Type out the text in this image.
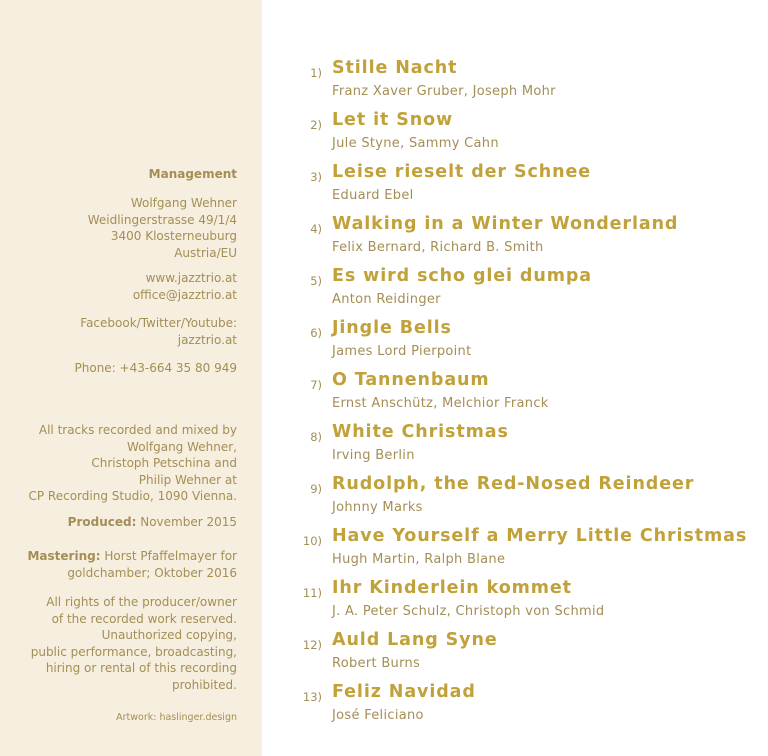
Management
Wolfgang Wehner
Weidlingerstrasse 49/1/4
3400 Klosterneuburg
Austria/EU
www.jazztrio.at
office@jazztrio.at
Facebook/Twitter/Youtube:
jazztrio.at
Phone: +43-664 35 80 949
All tracks recorded and mixed by
Wolfgang Wehner,
Christoph Petschina and
Philip Wehner at
CP Recording Studio, 1090 Vienna.
Produced: November 2015
Mastering: Horst Pfaffelmayer for
goldchamber; Oktober 2016
All rights of the producer/owner
of the recorded work reserved.
Unauthorized copying,
public performance, broadcasting,
hiring or rental of this recording
prohibited.
Artwork: haslinger.design
1) Stille Nacht
Franz Xaver Gruber, Joseph Mohr
2) Let it Snow
Jule Styne, Sammy Cahn
3) Leise rieselt der Schnee
Eduard Ebel
4) Walking in a Winter Wonderland
Felix Bernard, Richard B. Smith
5) Es wird scho glei dumpa
Anton Reidinger
6) Jingle Bells
James Lord Pierpoint
7) O Tannenbaum
Ernst Anschütz, Melchior Franck
8) White Christmas
Irving Berlin
9) Rudolph, the Red-Nosed Reindeer
Johnny Marks
10) Have Yourself a Merry Little Christmas
Hugh Martin, Ralph Blane
11) Ihr Kinderlein kommet
J. A. Peter Schulz, Christoph von Schmid
12) Auld Lang Syne
Robert Burns
13) Feliz Navidad
José Feliciano
